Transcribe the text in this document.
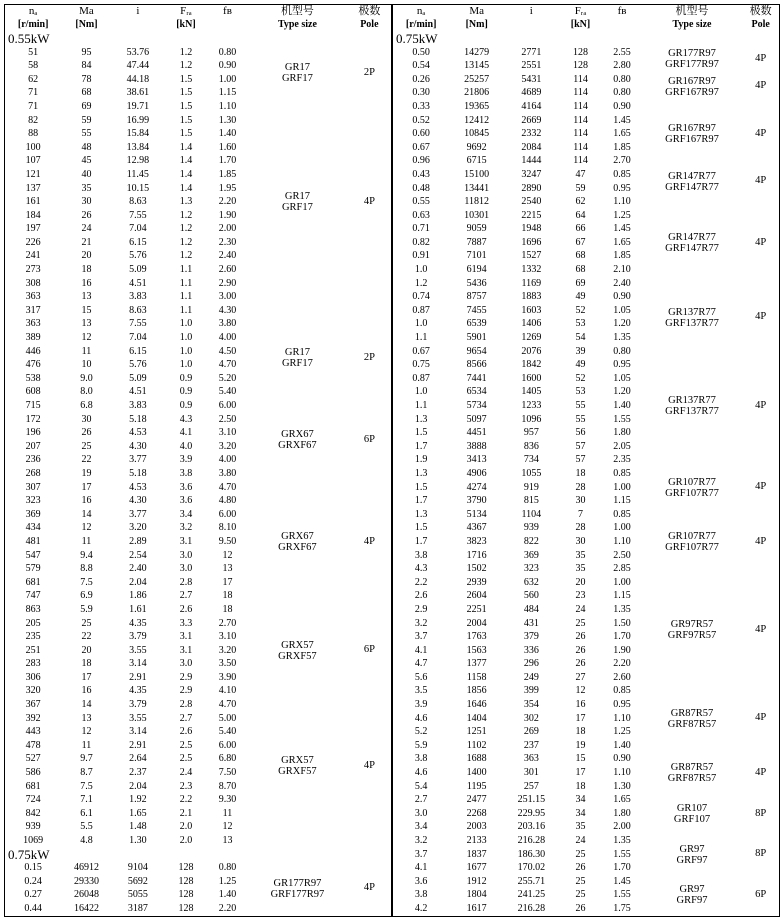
nₐ	Ma	i	Fᵣₐ	fʙ	机型号	极数
[r/min]	[Nm]		[kN]		Type size	Pole
0.55kW						
51	95	53.76	1.2	0.80	GR17
GRF17	2P
58	84	47.44	1.2	0.90		
62	78	44.18	1.5	1.00		
71	68	38.61	1.5	1.15		
71	69	19.71	1.5	1.10	GR17
GRF17	4P
82	59	16.99	1.5	1.30		
88	55	15.84	1.5	1.40		
100	48	13.84	1.4	1.60		
107	45	12.98	1.4	1.70		
121	40	11.45	1.4	1.85		
137	35	10.15	1.4	1.95		
161	30	8.63	1.3	2.20		
184	26	7.55	1.2	1.90		
197	24	7.04	1.2	2.00		
226	21	6.15	1.2	2.30		
241	20	5.76	1.2	2.40		
273	18	5.09	1.1	2.60		
308	16	4.51	1.1	2.90		
363	13	3.83	1.1	3.00		
317	15	8.63	1.1	4.30	GR17
GRF17	2P
363	13	7.55	1.0	3.80		
389	12	7.04	1.0	4.00		
446	11	6.15	1.0	4.50		
476	10	5.76	1.0	4.70		
538	9.0	5.09	0.9	5.20		
608	8.0	4.51	0.9	5.40		
715	6.8	3.83	0.9	6.00		
172	30	5.18	4.3	2.50	GRX67
GRXF67	6P
196	26	4.53	4.1	3.10		
207	25	4.30	4.0	3.20		
236	22	3.77	3.9	4.00		
268	19	5.18	3.8	3.80	GRX67
GRXF67	4P
307	17	4.53	3.6	4.70		
323	16	4.30	3.6	4.80		
369	14	3.77	3.4	6.00		
434	12	3.20	3.2	8.10		
481	11	2.89	3.1	9.50		
547	9.4	2.54	3.0	12		
579	8.8	2.40	3.0	13		
681	7.5	2.04	2.8	17		
747	6.9	1.86	2.7	18		
863	5.9	1.61	2.6	18		
205	25	4.35	3.3	2.70	GRX57
GRXF57	6P
235	22	3.79	3.1	3.10		
251	20	3.55	3.1	3.20		
283	18	3.14	3.0	3.50		
306	17	2.91	2.9	3.90		
320	16	4.35	2.9	4.10	GRX57
GRXF57	4P
367	14	3.79	2.8	4.70		
392	13	3.55	2.7	5.00		
443	12	3.14	2.6	5.40		
478	11	2.91	2.5	6.00		
527	9.7	2.64	2.5	6.80		
586	8.7	2.37	2.4	7.50		
681	7.5	2.04	2.3	8.70		
724	7.1	1.92	2.2	9.30		
842	6.1	1.65	2.1	11		
939	5.5	1.48	2.0	12		
1069	4.8	1.30	2.0	13		
0.75kW						
0.15	46912	9104	128	0.80	GR177R97
GRF177R97	4P
0.24	29330	5692	128	1.25		
0.27	26048	5055	128	1.40		
0.44	16422	3187	128	2.20		
nₐ	Ma	i	Fᵣₐ	fʙ	机型号	极数
[r/min]	[Nm]		[kN]		Type size	Pole
0.75kW						
0.50	14279	2771	128	2.55	GR177R97
GRF177R97	4P
0.54	13145	2551	128	2.80		
0.26	25257	5431	114	0.80	GR167R97
GRF167R97	4P
0.30	21806	4689	114	0.80		
0.33	19365	4164	114	0.90	GR167R97
GRF167R97	4P
0.52	12412	2669	114	1.45		
0.60	10845	2332	114	1.65		
0.67	9692	2084	114	1.85		
0.96	6715	1444	114	2.70		
0.43	15100	3247	47	0.85	GR147R77
GRF147R77	4P
0.48	13441	2890	59	0.95		
0.55	11812	2540	62	1.10	GR147R77
GRF147R77	4P
0.63	10301	2215	64	1.25		
0.71	9059	1948	66	1.45		
0.82	7887	1696	67	1.65		
0.91	7101	1527	68	1.85		
1.0	6194	1332	68	2.10		
1.2	5436	1169	69	2.40		
0.74	8757	1883	49	0.90	GR137R77
GRF137R77	4P
0.87	7455	1603	52	1.05		
1.0	6539	1406	53	1.20		
1.1	5901	1269	54	1.35		
0.67	9654	2076	39	0.80	GR137R77
GRF137R77	4P
0.75	8566	1842	49	0.95		
0.87	7441	1600	52	1.05		
1.0	6534	1405	53	1.20		
1.1	5734	1233	55	1.40		
1.3	5097	1096	55	1.55		
1.5	4451	957	56	1.80		
1.7	3888	836	57	2.05		
1.9	3413	734	57	2.35		
1.3	4906	1055	18	0.85	GR107R77
GRF107R77	4P
1.5	4274	919	28	1.00		
1.7	3790	815	30	1.15		
1.3	5134	1104	7	0.85	GR107R77
GRF107R77	4P
1.5	4367	939	28	1.00		
1.7	3823	822	30	1.10		
3.8	1716	369	35	2.50		
4.3	1502	323	35	2.85		
2.2	2939	632	20	1.00	GR97R57
GRF97R57	4P
2.6	2604	560	23	1.15		
2.9	2251	484	24	1.35		
3.2	2004	431	25	1.50		
3.7	1763	379	26	1.70		
4.1	1563	336	26	1.90		
4.7	1377	296	26	2.20		
5.6	1158	249	27	2.60		
3.5	1856	399	12	0.85	GR87R57
GRF87R57	4P
3.9	1646	354	16	0.95		
4.6	1404	302	17	1.10		
5.2	1251	269	18	1.25		
5.9	1102	237	19	1.40		
3.8	1688	363	15	0.90	GR87R57
GRF87R57	4P
4.6	1400	301	17	1.10		
5.4	1195	257	18	1.30		
2.7	2477	251.15	34	1.65	GR107
GRF107	8P
3.0	2268	229.95	34	1.80		
3.4	2003	203.16	35	2.00		
3.2	2133	216.28	24	1.35	GR97
GRF97	8P
3.7	1837	186.30	25	1.55		
4.1	1677	170.02	26	1.70		
3.6	1912	255.71	25	1.45	GR97
GRF97	6P
3.8	1804	241.25	25	1.55		
4.2	1617	216.28	26	1.75		
